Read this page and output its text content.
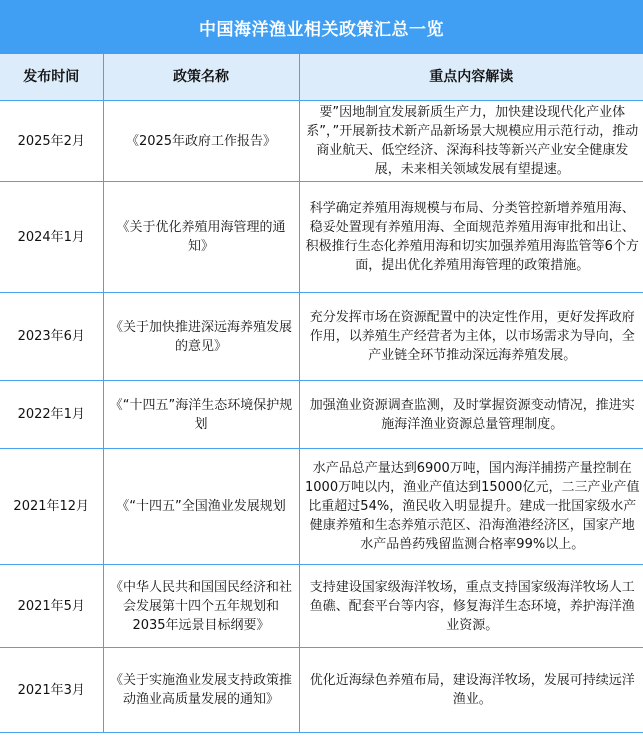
中国海洋渔业相关政策汇总一览
发布时间	政策名称	重点内容解读
2025年2月	《2025年政府工作报告》	要”因地制宜发展新质生产力，加快建设现代化产业体系”，”开展新技术新产品新场景大规模应用示范行动，推动商业航天、低空经济、深海科技等新兴产业安全健康发展，未来相关领域发展有望提速。
2024年1月	《关于优化养殖用海管理的通知》	科学确定养殖用海规模与布局、分类管控新增养殖用海、稳妥处置现有养殖用海、全面规范养殖用海审批和出让、积极推行生态化养殖用海和切实加强养殖用海监管等6个方面，提出优化养殖用海管理的政策措施。
2023年6月	《关于加快推进深远海养殖发展的意见》	充分发挥市场在资源配置中的决定性作用，更好发挥政府作用，以养殖生产经营者为主体，以市场需求为导向，全产业链全环节推动深远海养殖发展。
2022年1月	《“十四五”海洋生态环境保护规划	加强渔业资源调查监测，及时掌握资源变动情况，推进实施海洋渔业资源总量管理制度。
2021年12月	《“十四五”全国渔业发展规划	水产品总产量达到6900万吨，国内海洋捕捞产量控制在1000万吨以内，渔业产值达到15000亿元，二三产业产值比重超过54%，渔民收入明显提升。建成一批国家级水产健康养殖和生态养殖示范区、沿海渔港经济区，国家产地水产品兽药残留监测合格率99%以上。
2021年5月	《中华人民共和国国民经济和社会发展第十四个五年规划和2035年远景目标纲要》	支持建设国家级海洋牧场，重点支持国家级海洋牧场人工鱼礁、配套平台等内容，修复海洋生态环境，养护海洋渔业资源。
2021年3月	《关于实施渔业发展支持政策推动渔业高质量发展的通知》	优化近海绿色养殖布局，建设海洋牧场，发展可持续远洋渔业。
